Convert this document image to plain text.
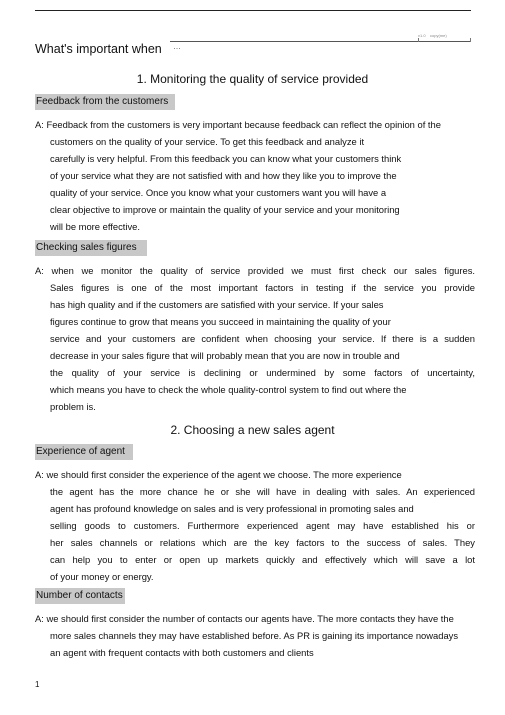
v1.0 copy(me)
What's important when …
1. Monitoring the quality of service provided
Feedback from the customers
A: Feedback from the customers is very important because feedback can reflect the opinion of the
customers on the quality of your service. To get this feedback and analyze it
carefully is very helpful. From this feedback you can know what your customers think
of your service what they are not satisfied with and how they like you to improve the
quality of your service. Once you know what your customers want you will have a
clear objective to improve or maintain the quality of your service and your monitoring
will be more effective.
Checking sales figures
A: when we monitor the quality of service provided we must first check our sales figures.
Sales figures is one of the most important factors in testing if the service you provide
has high quality and if the customers are satisfied with your service. If your sales
figures continue to grow that means you succeed in maintaining the quality of your
service and your customers are confident when choosing your service. If there is a sudden
decrease in your sales figure that will probably mean that you are now in trouble and
the quality of your service is declining or undermined by some factors of uncertainty,
which means you have to check the whole quality-control system to find out where the
problem is.
2. Choosing a new sales agent
Experience of agent
A: we should first consider the experience of the agent we choose. The more experience
the agent has the more chance he or she will have in dealing with sales. An experienced
agent has profound knowledge on sales and is very professional in promoting sales and
selling goods to customers. Furthermore experienced agent may have established his or
her sales channels or relations which are the key factors to the success of sales. They
can help you to enter or open up markets quickly and effectively which will save a lot
of your money or energy.
Number of contacts
A: we should first consider the number of contacts our agents have. The more contacts they have the
more sales channels they may have established before. As PR is gaining its importance nowadays
an agent with frequent contacts with both customers and clients
1
